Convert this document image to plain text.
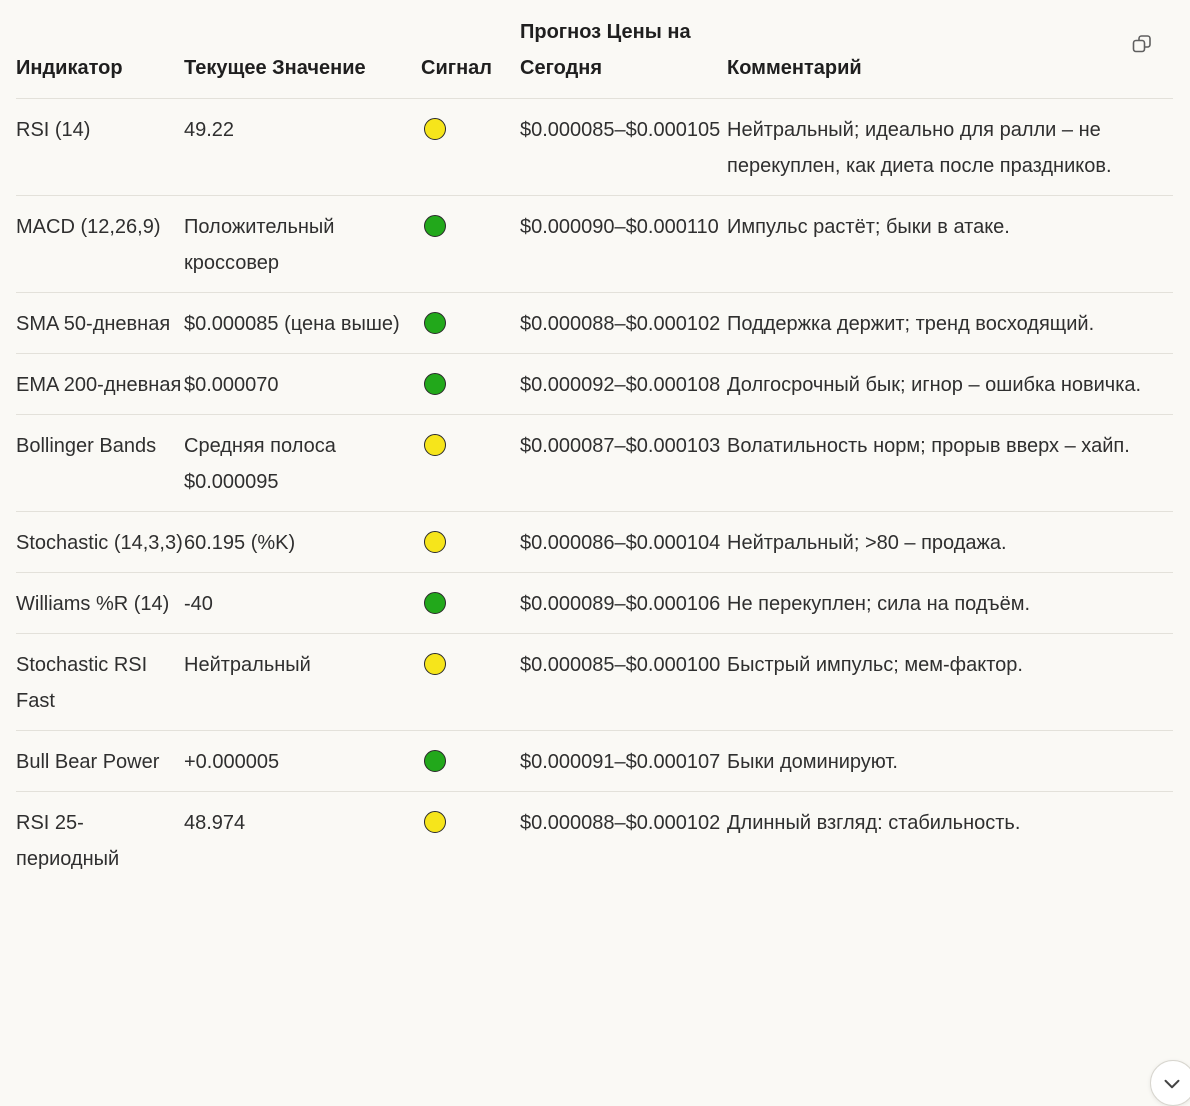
Индикатор	Текущее Значение	Сигнал	Прогноз Цены на Сегодня	Комментарий
RSI (14)	49.22		$0.000085–$0.000105	Нейтральный; идеально для ралли – не перекуплен, как диета после праздников.
MACD (12,26,9)	Положительный кроссовер		$0.000090–$0.000110	Импульс растёт; быки в атаке.
SMA 50-дневная	$0.000085 (цена выше)		$0.000088–$0.000102	Поддержка держит; тренд восходящий.
EMA 200-дневная	$0.000070		$0.000092–$0.000108	Долгосрочный бык; игнор – ошибка новичка.
Bollinger Bands	Средняя полоса $0.000095		$0.000087–$0.000103	Волатильность норм; прорыв вверх – хайп.
Stochastic (14,3,3)	60.195 (%K)		$0.000086–$0.000104	Нейтральный; >80 – продажа.
Williams %R (14)	-40		$0.000089–$0.000106	Не перекуплен; сила на подъём.
Stochastic RSI Fast	Нейтральный		$0.000085–$0.000100	Быстрый импульс; мем-фактор.
Bull Bear Power	+0.000005		$0.000091–$0.000107	Быки доминируют.
RSI 25-периодный	48.974		$0.000088–$0.000102	Длинный взгляд: стабильность.
